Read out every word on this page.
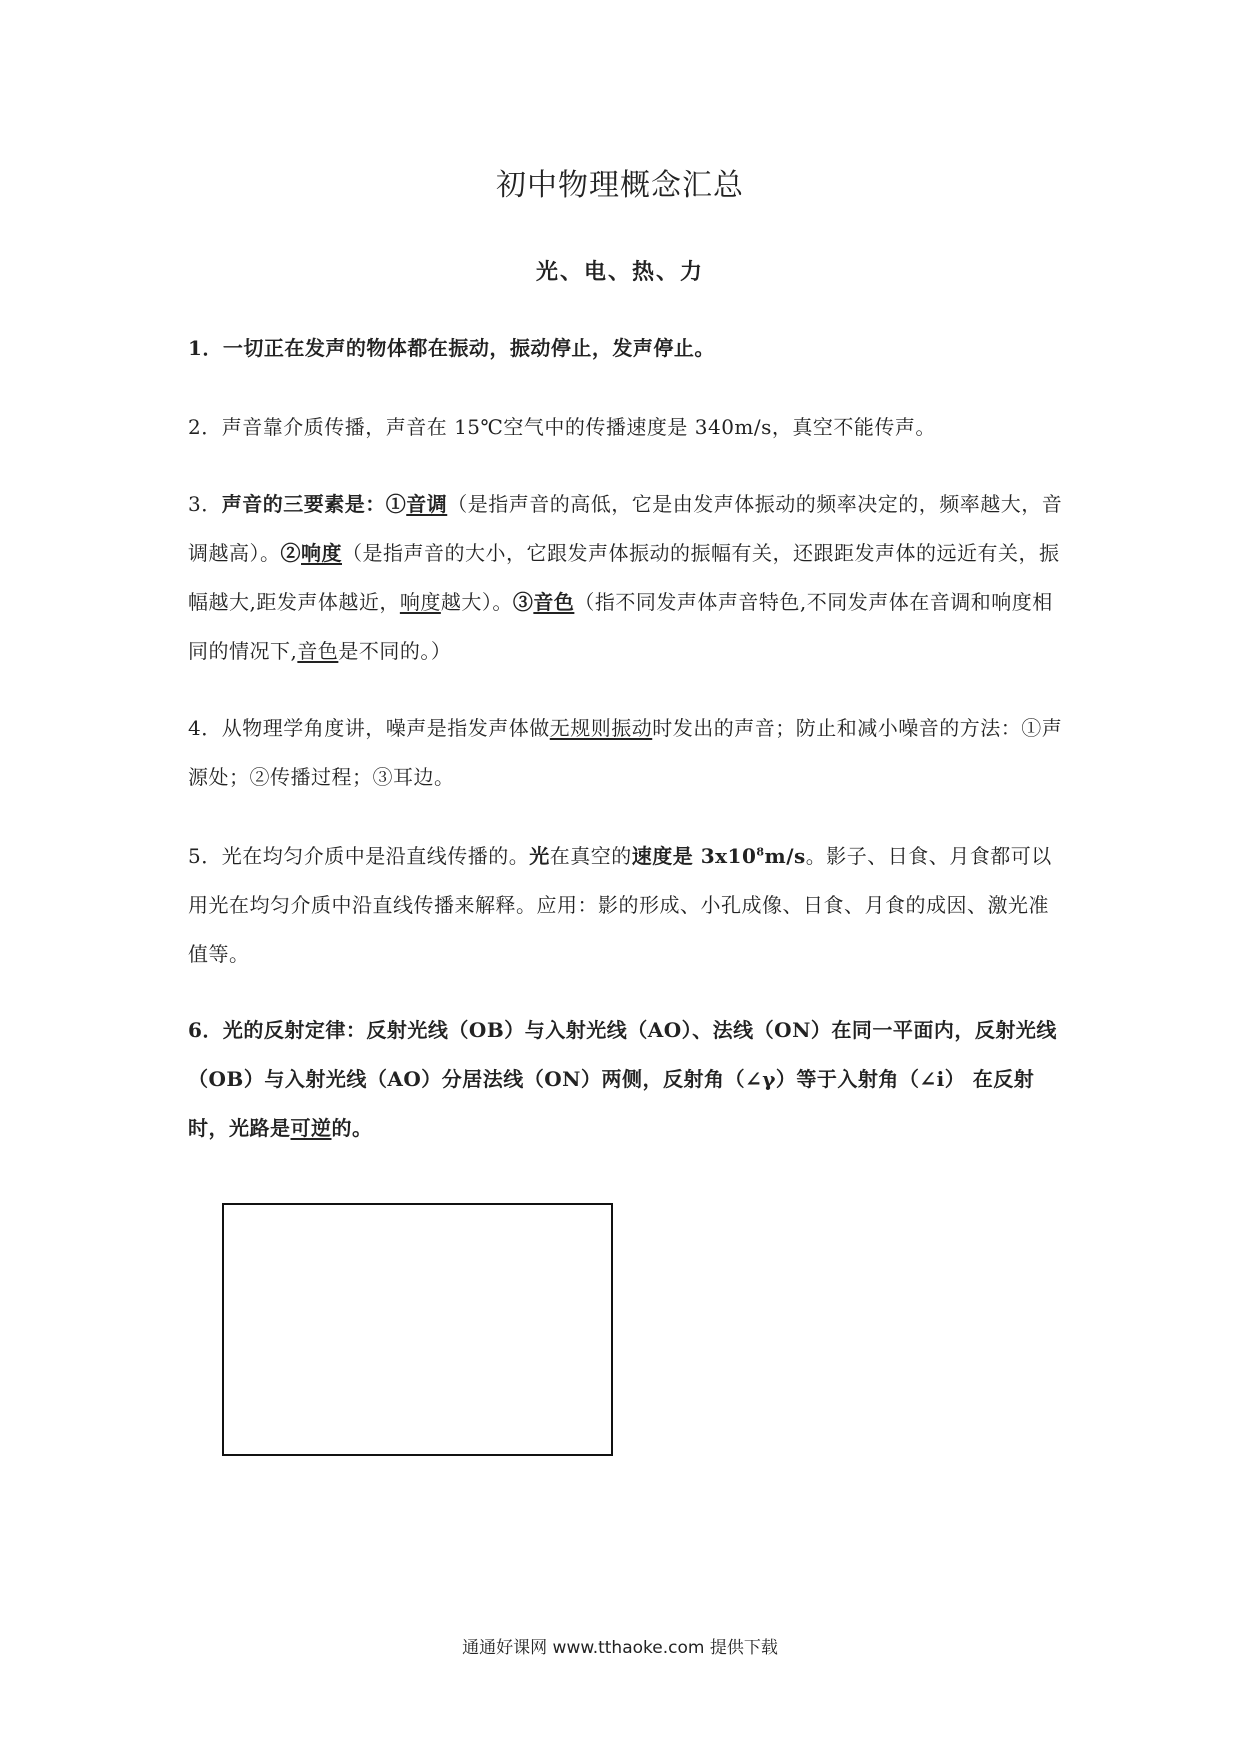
初中物理概念汇总
光、电、热、力
1．一切正在发声的物体都在振动，振动停止，发声停止。
2．声音靠介质传播，声音在 15℃空气中的传播速度是 340m/s，真空不能传声。
3．声音的三要素是：①音调（是指声音的高低，它是由发声体振动的频率决定的，频率越大，音调越高）。②响度（是指声音的大小，它跟发声体振动的振幅有关，还跟距发声体的远近有关，振幅越大,距发声体越近，响度越大）。③音色（指不同发声体声音特色,不同发声体在音调和响度相同的情况下,音色是不同的。）
4．从物理学角度讲，噪声是指发声体做无规则振动时发出的声音；防止和减小噪音的方法：①声源处；②传播过程；③耳边。
5．光在均匀介质中是沿直线传播的。光在真空的速度是 $3x10^8m/s$。影子、日食、月食都可以用光在均匀介质中沿直线传播来解释。应用：影的形成、小孔成像、日食、月食的成因、激光准值等。
6．光的反射定律：反射光线（OB）与入射光线（AO）、法线（ON）在同一平面内，反射光线（OB）与入射光线（AO）分居法线（ON）两侧，反射角（∠γ）等于入射角（∠i） 在反射时，光路是可逆的。
通通好课网 www.tthaoke.com 提供下载
